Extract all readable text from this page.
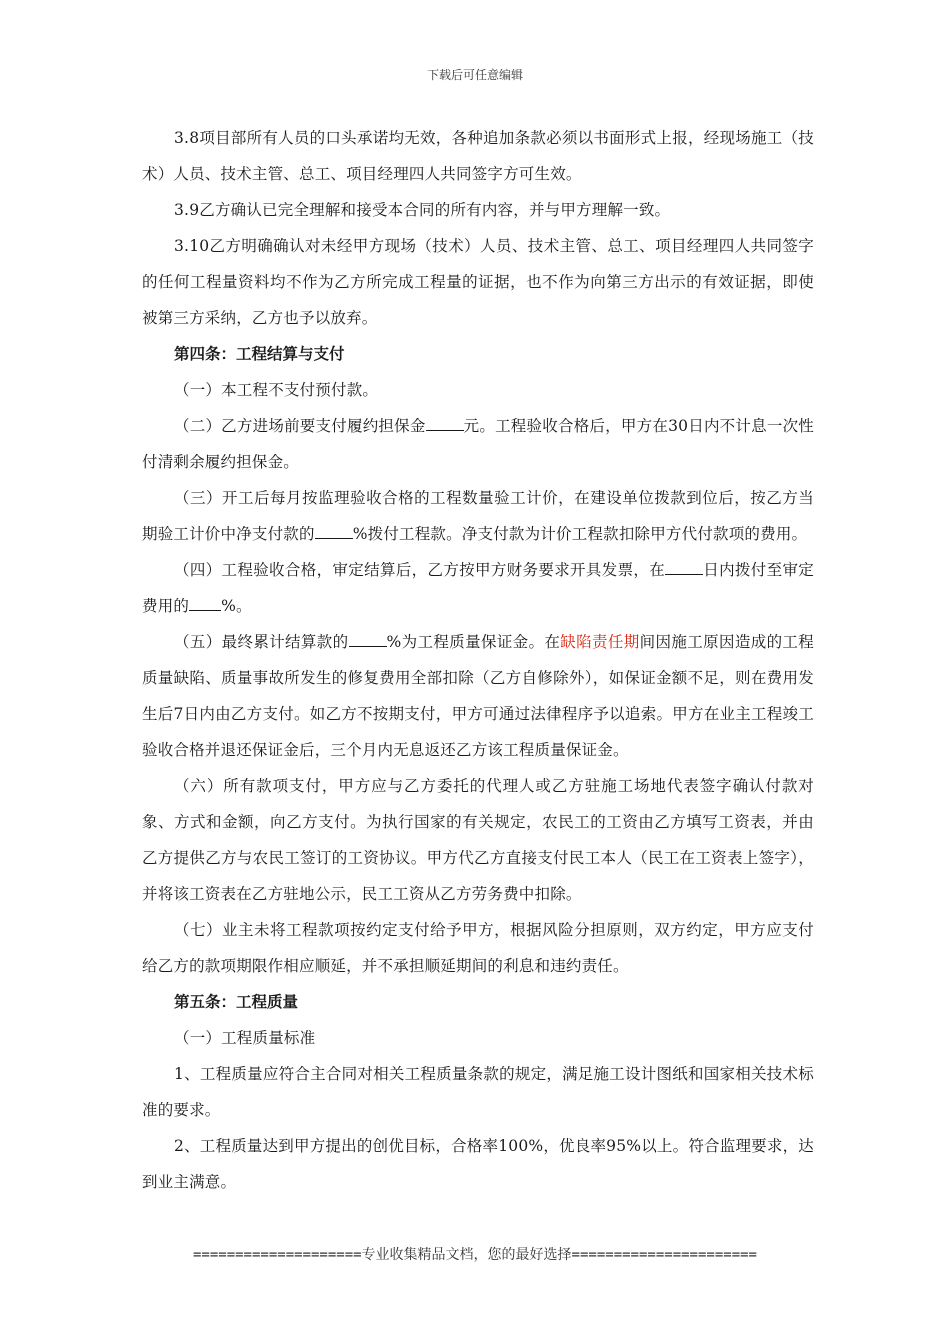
下载后可任意编辑

3.8项目部所有人员的口头承诺均无效，各种追加条款必须以书面形式上报，经现场施工（技术）人员、技术主管、总工、项目经理四人共同签字方可生效。

3.9乙方确认已完全理解和接受本合同的所有内容，并与甲方理解一致。

3.10乙方明确确认对未经甲方现场（技术）人员、技术主管、总工、项目经理四人共同签字的任何工程量资料均不作为乙方所完成工程量的证据，也不作为向第三方出示的有效证据，即使被第三方采纳，乙方也予以放弃。

第四条：工程结算与支付

（一）本工程不支付预付款。

（二）乙方进场前要支付履约担保金 元。工程验收合格后，甲方在30日内不计息一次性付清剩余履约担保金。

（三）开工后每月按监理验收合格的工程数量验工计价，在建设单位拨款到位后，按乙方当期验工计价中净支付款的 %拨付工程款。净支付款为计价工程款扣除甲方代付款项的费用。

（四）工程验收合格，审定结算后，乙方按甲方财务要求开具发票，在 日内拨付至审定费用的 %。

（五）最终累计结算款的 %为工程质量保证金。在缺陷责任期间因施工原因造成的工程质量缺陷、质量事故所发生的修复费用全部扣除（乙方自修除外），如保证金额不足，则在费用发生后7日内由乙方支付。如乙方不按期支付，甲方可通过法律程序予以追索。甲方在业主工程竣工验收合格并退还保证金后，三个月内无息返还乙方该工程质量保证金。

（六）所有款项支付，甲方应与乙方委托的代理人或乙方驻施工场地代表签字确认付款对象、方式和金额，向乙方支付。为执行国家的有关规定，农民工的工资由乙方填写工资表，并由乙方提供乙方与农民工签订的工资协议。甲方代乙方直接支付民工本人（民工在工资表上签字），并将该工资表在乙方驻地公示，民工工资从乙方劳务费中扣除。

（七）业主未将工程款项按约定支付给予甲方，根据风险分担原则，双方约定，甲方应支付给乙方的款项期限作相应顺延，并不承担顺延期间的利息和违约责任。

第五条：工程质量

（一）工程质量标准

1、工程质量应符合主合同对相关工程质量条款的规定，满足施工设计图纸和国家相关技术标准的要求。

2、工程质量达到甲方提出的创优目标，合格率100%，优良率95%以上。符合监理要求，达到业主满意。

====================专业收集精品文档，您的最好选择======================
